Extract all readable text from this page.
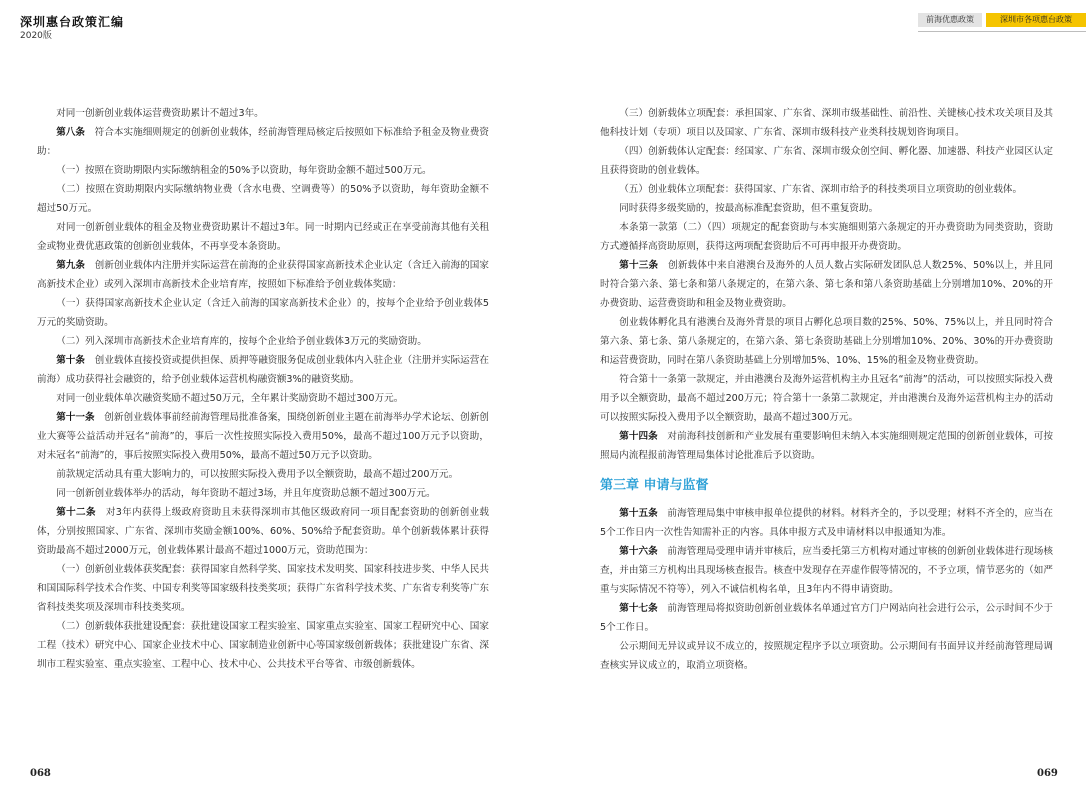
深圳惠台政策汇编
2020版
前海优惠政策	深圳市各项惠台政策

对同一创新创业载体运营费资助累计不超过3年。

第八条　 符合本实施细则规定的创新创业载体，经前海管理局核定后按照如下标准给予租金及物业费资助：

（一）按照在资助期限内实际缴纳租金的50%予以资助，每年资助金额不超过500万元。

（二）按照在资助期限内实际缴纳物业费（含水电费、空调费等）的50%予以资助，每年资助金额不超过50万元。

对同一创新创业载体的租金及物业费资助累计不超过3年。同一时期内已经或正在享受前海其他有关租金或物业费优惠政策的创新创业载体，不再享受本条资助。

第九条　 创新创业载体内注册并实际运营在前海的企业获得国家高新技术企业认定（含迁入前海的国家高新技术企业）或列入深圳市高新技术企业培育库，按照如下标准给予创业载体奖励：

（一）获得国家高新技术企业认定（含迁入前海的国家高新技术企业）的，按每个企业给予创业载体5万元的奖励资助。

（二）列入深圳市高新技术企业培育库的，按每个企业给予创业载体3万元的奖励资助。

第十条　 创业载体直接投资或提供担保、质押等融资服务促成创业载体内入驻企业（注册并实际运营在前海）成功获得社会融资的，给予创业载体运营机构融资额3%的融资奖励。

对同一创业载体单次融资奖励不超过50万元，全年累计奖励资助不超过300万元。

第十一条　 创新创业载体事前经前海管理局批准备案，围绕创新创业主题在前海举办学术论坛、创新创业大赛等公益活动并冠名“前海”的，事后一次性按照实际投入费用50%，最高不超过100万元予以资助，对未冠名“前海”的，事后按照实际投入费用50%，最高不超过50万元予以资助。

前款规定活动具有重大影响力的，可以按照实际投入费用予以全额资助，最高不超过200万元。

同一创新创业载体举办的活动，每年资助不超过3场，并且年度资助总额不超过300万元。

第十二条　 对3年内获得上级政府资助且未获得深圳市其他区级政府同一项目配套资助的创新创业载体，分别按照国家、广东省、深圳市奖励金额100%、60%、50%给予配套资助。单个创新载体累计获得资助最高不超过2000万元，创业载体累计最高不超过1000万元，资助范围为：

（一）创新创业载体获奖配套：获得国家自然科学奖、国家技术发明奖、国家科技进步奖、中华人民共和国国际科学技术合作奖、中国专利奖等国家级科技类奖项；获得广东省科学技术奖、广东省专利奖等广东省科技类奖项及深圳市科技类奖项。

（二）创新载体获批建设配套：获批建设国家工程实验室、国家重点实验室、国家工程研究中心、国家工程（技术）研究中心、国家企业技术中心、国家制造业创新中心等国家级创新载体；获批建设广东省、深圳市工程实验室、重点实验室、工程中心、技术中心、公共技术平台等省、市级创新载体。

（三）创新载体立项配套：承担国家、广东省、深圳市级基础性、前沿性、关键核心技术攻关项目及其他科技计划（专项）项目以及国家、广东省、深圳市级科技产业类科技规划咨询项目。

（四）创新载体认定配套：经国家、广东省、深圳市级众创空间、孵化器、加速器、科技产业园区认定且获得资助的创业载体。

（五）创业载体立项配套：获得国家、广东省、深圳市给予的科技类项目立项资助的创业载体。

同时获得多级奖励的，按最高标准配套资助，但不重复资助。

本条第一款第（二）（四）项规定的配套资助与本实施细则第六条规定的开办费资助为同类资助，资助方式遵循择高资助原则，获得这两项配套资助后不可再申报开办费资助。

第十三条　 创新载体中来自港澳台及海外的人员人数占实际研发团队总人数25%、50%以上，并且同时符合第六条、第七条和第八条规定的，在第六条、第七条和第八条资助基础上分别增加10%、20%的开办费资助、运营费资助和租金及物业费资助。

创业载体孵化具有港澳台及海外背景的项目占孵化总项目数的25%、50%、75%以上，并且同时符合第六条、第七条、第八条规定的，在第六条、第七条资助基础上分别增加10%、20%、30%的开办费资助和运营费资助，同时在第八条资助基础上分别增加5%、10%、15%的租金及物业费资助。

符合第十一条第一款规定，并由港澳台及海外运营机构主办且冠名“前海”的活动，可以按照实际投入费用予以全额资助，最高不超过200万元；符合第十一条第二款规定，并由港澳台及海外运营机构主办的活动可以按照实际投入费用予以全额资助，最高不超过300万元。

第十四条　 对前海科技创新和产业发展有重要影响但未纳入本实施细则规定范围的创新创业载体，可按照局内流程报前海管理局集体讨论批准后予以资助。

第三章 申请与监督

第十五条　 前海管理局集中审核申报单位提供的材料。材料齐全的，予以受理；材料不齐全的，应当在5个工作日内一次性告知需补正的内容。具体申报方式及申请材料以申报通知为准。

第十六条　 前海管理局受理申请并审核后，应当委托第三方机构对通过审核的创新创业载体进行现场核查，并由第三方机构出具现场核查报告。核查中发现存在弄虚作假等情况的，不予立项，情节恶劣的（如严重与实际情况不符等），列入不诚信机构名单，且3年内不得申请资助。

第十七条　 前海管理局将拟资助创新创业载体名单通过官方门户网站向社会进行公示，公示时间不少于5个工作日。

公示期间无异议或异议不成立的，按照规定程序予以立项资助。公示期间有书面异议并经前海管理局调查核实异议成立的，取消立项资格。

068	069
